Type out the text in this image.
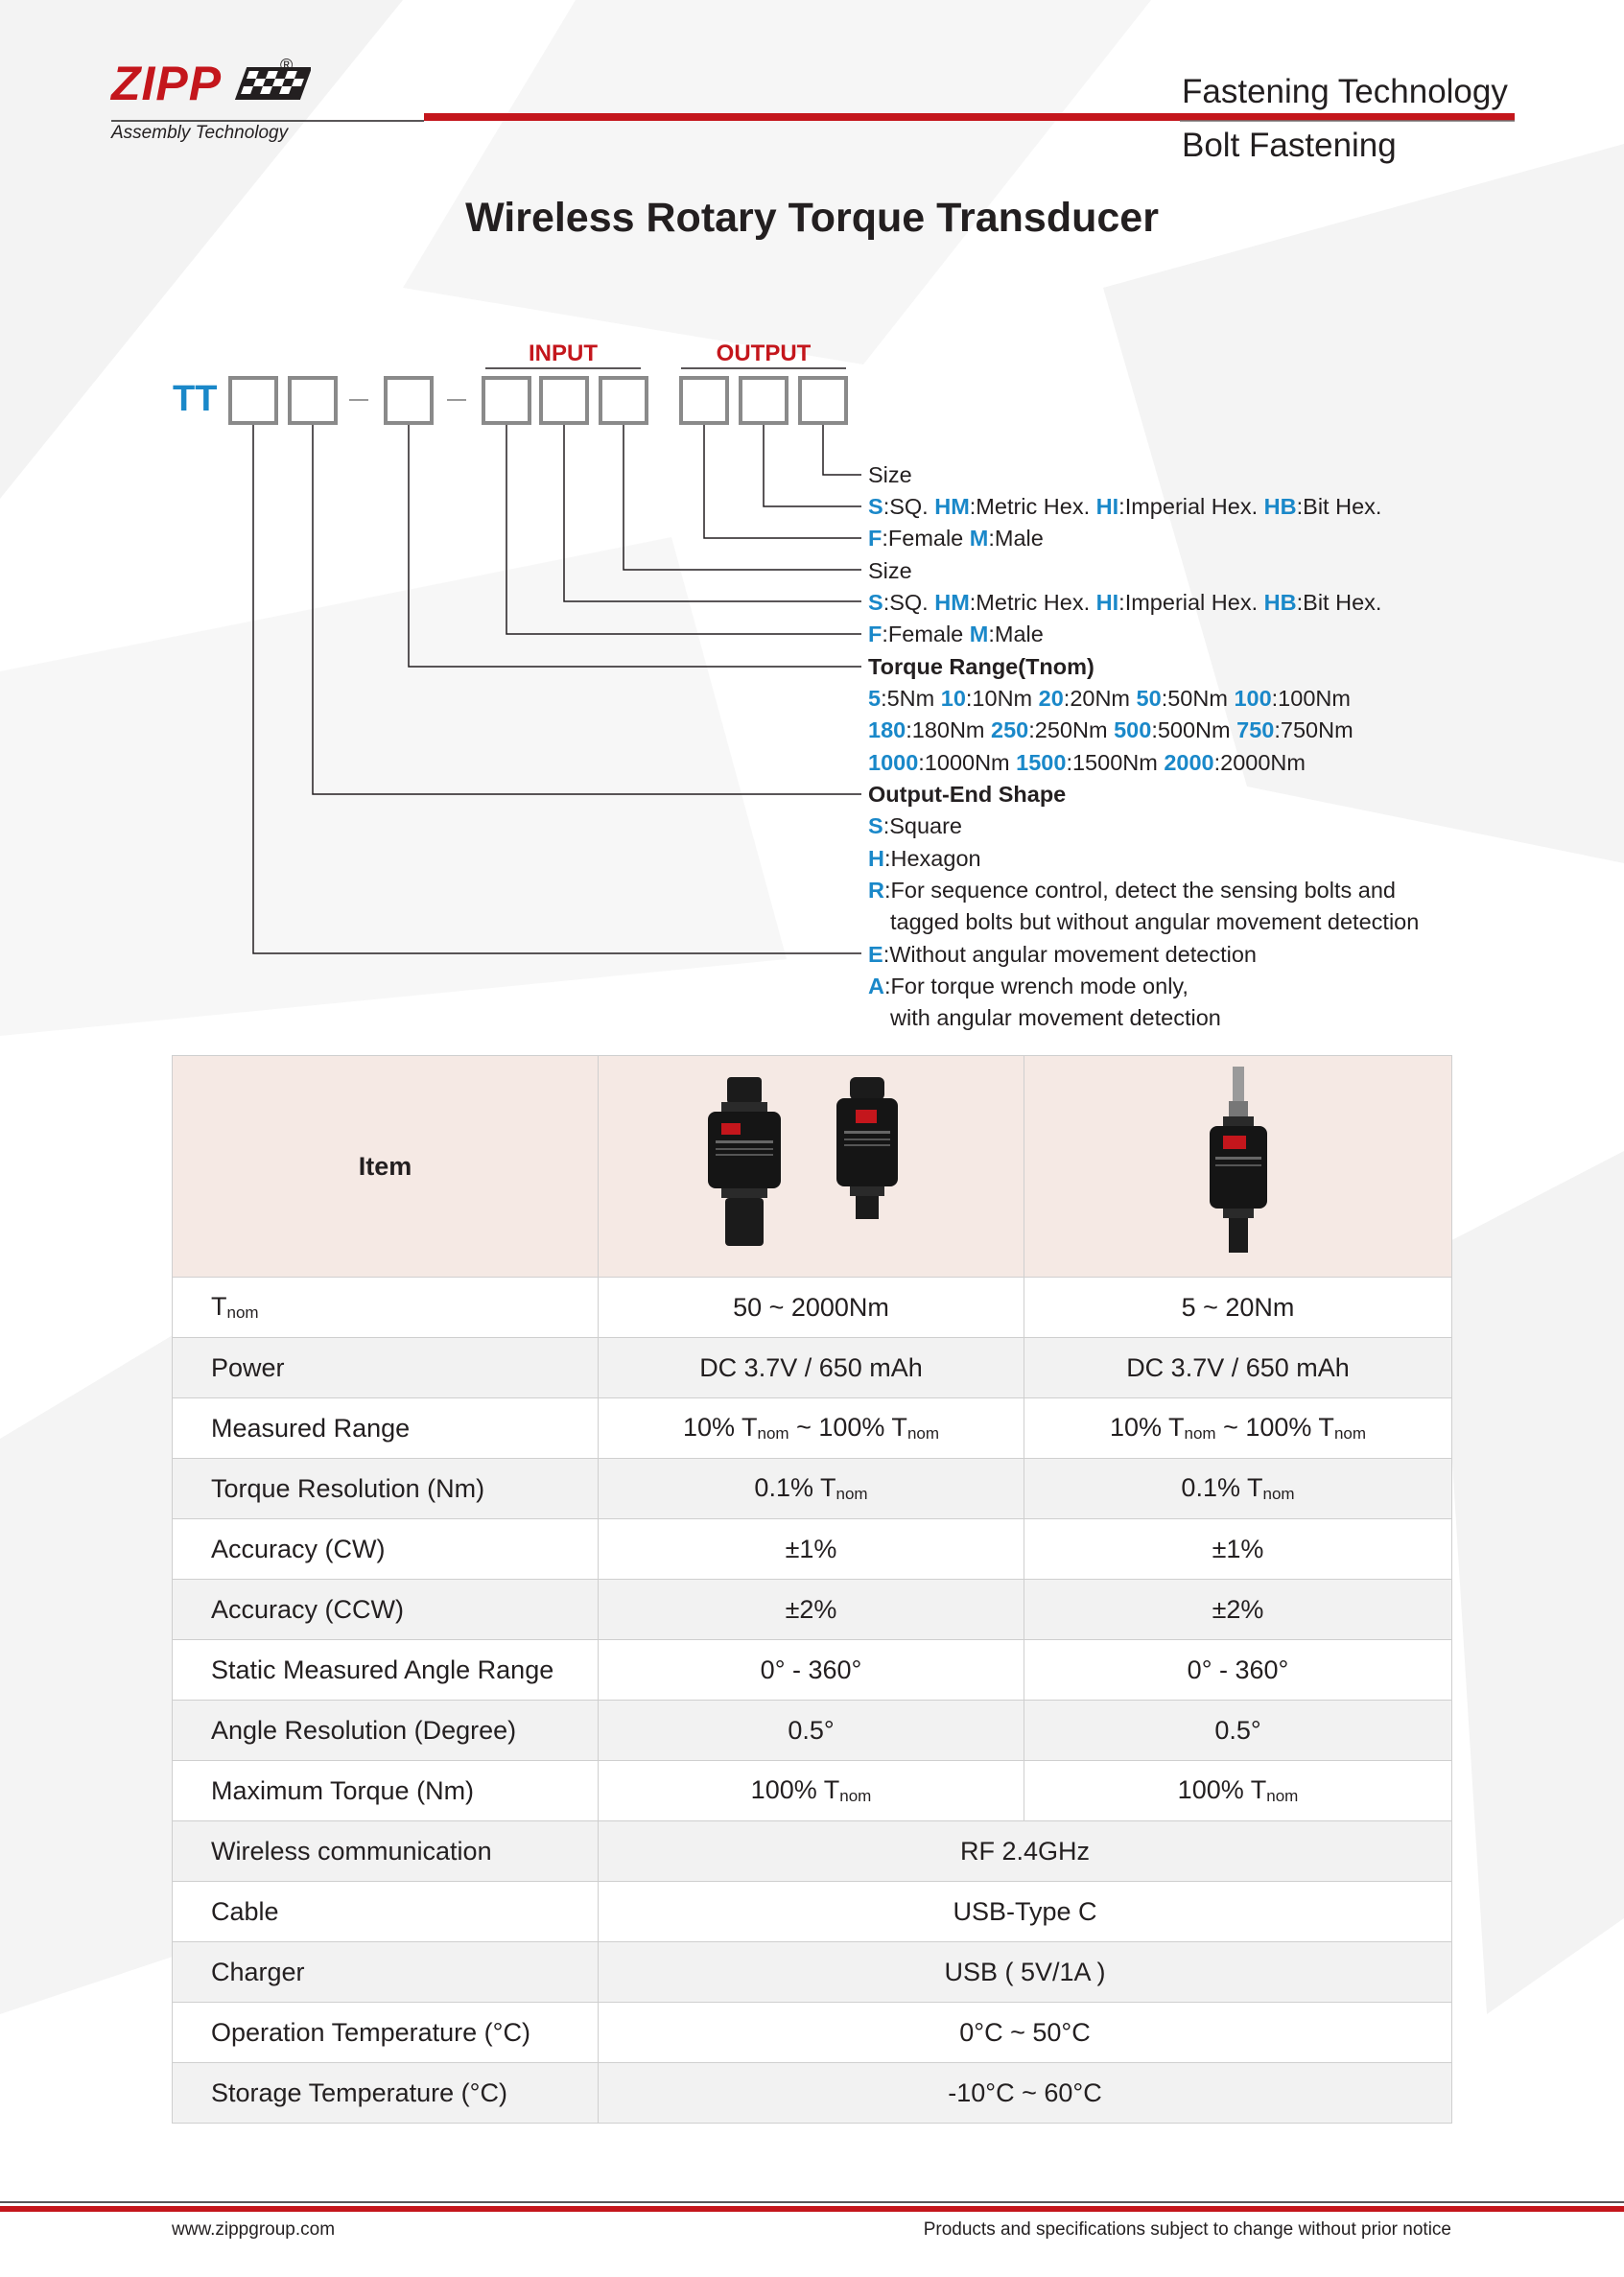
ZIPP	®
Assembly Technology
Fastening Technology
Bolt Fastening
Wireless Rotary Torque Transducer
INPUT	OUTPUT
TT
Size
S:SQ. HM:Metric Hex. HI:Imperial Hex. HB:Bit Hex.
F:Female M:Male
Size
S:SQ. HM:Metric Hex. HI:Imperial Hex. HB:Bit Hex.
F:Female M:Male
Torque Range(Tnom)
5:5Nm 10:10Nm 20:20Nm 50:50Nm 100:100Nm
180:180Nm 250:250Nm 500:500Nm 750:750Nm
1000:1000Nm 1500:1500Nm 2000:2000Nm
Output-End Shape
S:Square
H:Hexagon
R:For sequence control, detect the sensing bolts and
tagged bolts but without angular movement detection
E:Without angular movement detection
A:For torque wrench mode only,
with angular movement detection
Item		
$T_{nom}$	50 ~ 2000Nm	5 ~ 20Nm
Power	DC 3.7V / 650 mAh	DC 3.7V / 650 mAh
Measured Range	10% $T_{nom}$ ~ 100% $T_{nom}$	10% $T_{nom}$ ~ 100% $T_{nom}$
Torque Resolution (Nm)	0.1% $T_{nom}$	0.1% $T_{nom}$
Accuracy (CW)	±1%	±1%
Accuracy (CCW)	±2%	±2%
Static Measured Angle Range	0° - 360°	0° - 360°
Angle Resolution (Degree)	0.5°	0.5°
Maximum Torque (Nm)	100% $T_{nom}$	100% $T_{nom}$
Wireless communication	RF 2.4GHz	
Cable	USB-Type C	
Charger	USB ( 5V/1A )	
Operation Temperature (°C)	0°C ~ 50°C	
Storage Temperature (°C)	-10°C ~ 60°C	
www.zippgroup.com	Products and specifications subject to change without prior notice
